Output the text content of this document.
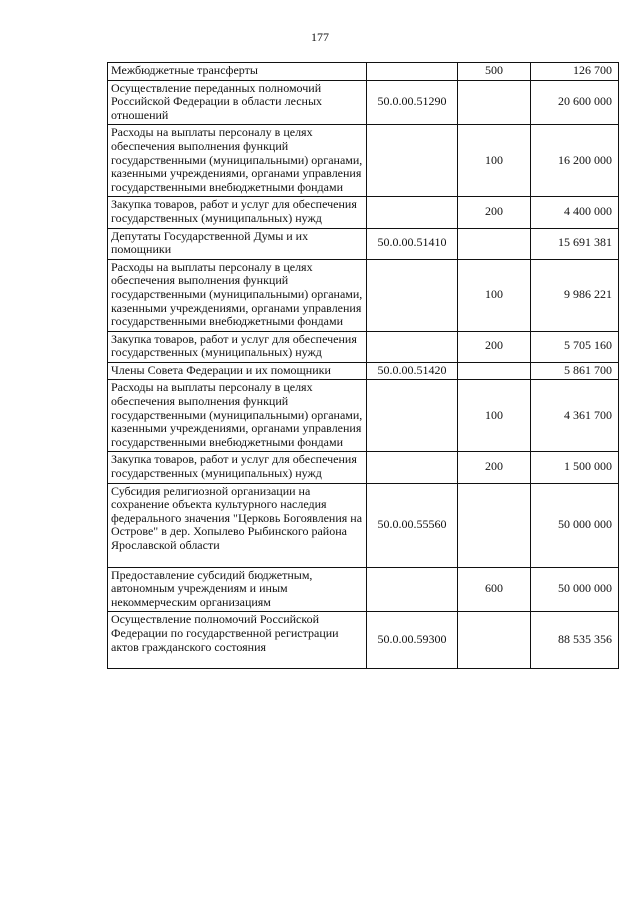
177
Межбюджетные трансферты		500	126 700
Осуществление переданных полномочий Российской Федерации в области лесных отношений	50.0.00.51290		20 600 000
Расходы на выплаты персоналу в целях обеспечения выполнения функций государственными (муниципальными) органами, казенными учреждениями, органами управления государственными внебюджетными фондами		100	16 200 000
Закупка товаров, работ и услуг для обеспечения государственных (муниципальных) нужд		200	4 400 000
Депутаты Государственной Думы и их помощники	50.0.00.51410		15 691 381
Расходы на выплаты персоналу в целях обеспечения выполнения функций государственными (муниципальными) органами, казенными учреждениями, органами управления государственными внебюджетными фондами		100	9 986 221
Закупка товаров, работ и услуг для обеспечения государственных (муниципальных) нужд		200	5 705 160
Члены Совета Федерации и их помощники	50.0.00.51420		5 861 700
Расходы на выплаты персоналу в целях обеспечения выполнения функций государственными (муниципальными) органами, казенными учреждениями, органами управления государственными внебюджетными фондами		100	4 361 700
Закупка товаров, работ и услуг для обеспечения государственных (муниципальных) нужд		200	1 500 000
Субсидия религиозной организации на сохранение объекта культурного наследия федерального значения "Церковь Богоявления на Острове" в дер. Хопылево Рыбинского района Ярославской области	50.0.00.55560		50 000 000
Предоставление субсидий бюджетным, автономным учреждениям и иным некоммерческим организациям		600	50 000 000
Осуществление полномочий Российской Федерации по государственной регистрации актов гражданского состояния	50.0.00.59300		88 535 356
